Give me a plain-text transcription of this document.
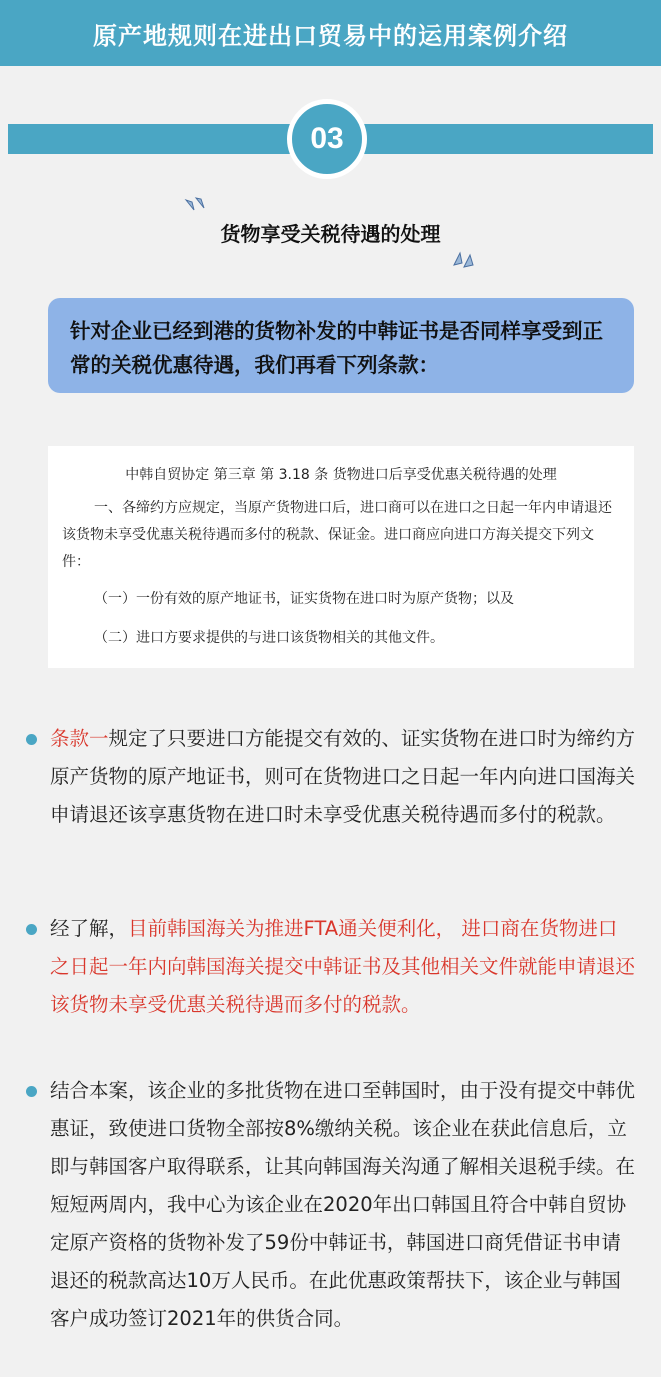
原产地规则在进出口贸易中的运用案例介绍
03
货物享受关税待遇的处理
针对企业已经到港的货物补发的中韩证书是否同样享受到正常的关税优惠待遇，我们再看下列条款：
中韩自贸协定 第三章 第 3.18 条 货物进口后享受优惠关税待遇的处理
一、各缔约方应规定，当原产货物进口后，进口商可以在进口之日起一年内申请退还该货物未享受优惠关税待遇而多付的税款、保证金。进口商应向进口方海关提交下列文件：
（一）一份有效的原产地证书，证实货物在进口时为原产货物；以及
（二）进口方要求提供的与进口该货物相关的其他文件。
条款一规定了只要进口方能提交有效的、证实货物在进口时为缔约方原产货物的原产地证书，则可在货物进口之日起一年内向进口国海关申请退还该享惠货物在进口时未享受优惠关税待遇而多付的税款。
经了解，目前韩国海关为推进FTA通关便利化， 进口商在货物进口之日起一年内向韩国海关提交中韩证书及其他相关文件就能申请退还该货物未享受优惠关税待遇而多付的税款。
结合本案，该企业的多批货物在进口至韩国时，由于没有提交中韩优惠证，致使进口货物全部按8%缴纳关税。该企业在获此信息后，立即与韩国客户取得联系，让其向韩国海关沟通了解相关退税手续。在短短两周内，我中心为该企业在2020年出口韩国且符合中韩自贸协定原产资格的货物补发了59份中韩证书，韩国进口商凭借证书申请退还的税款高达10万人民币。在此优惠政策帮扶下，该企业与韩国客户成功签订2021年的供货合同。
